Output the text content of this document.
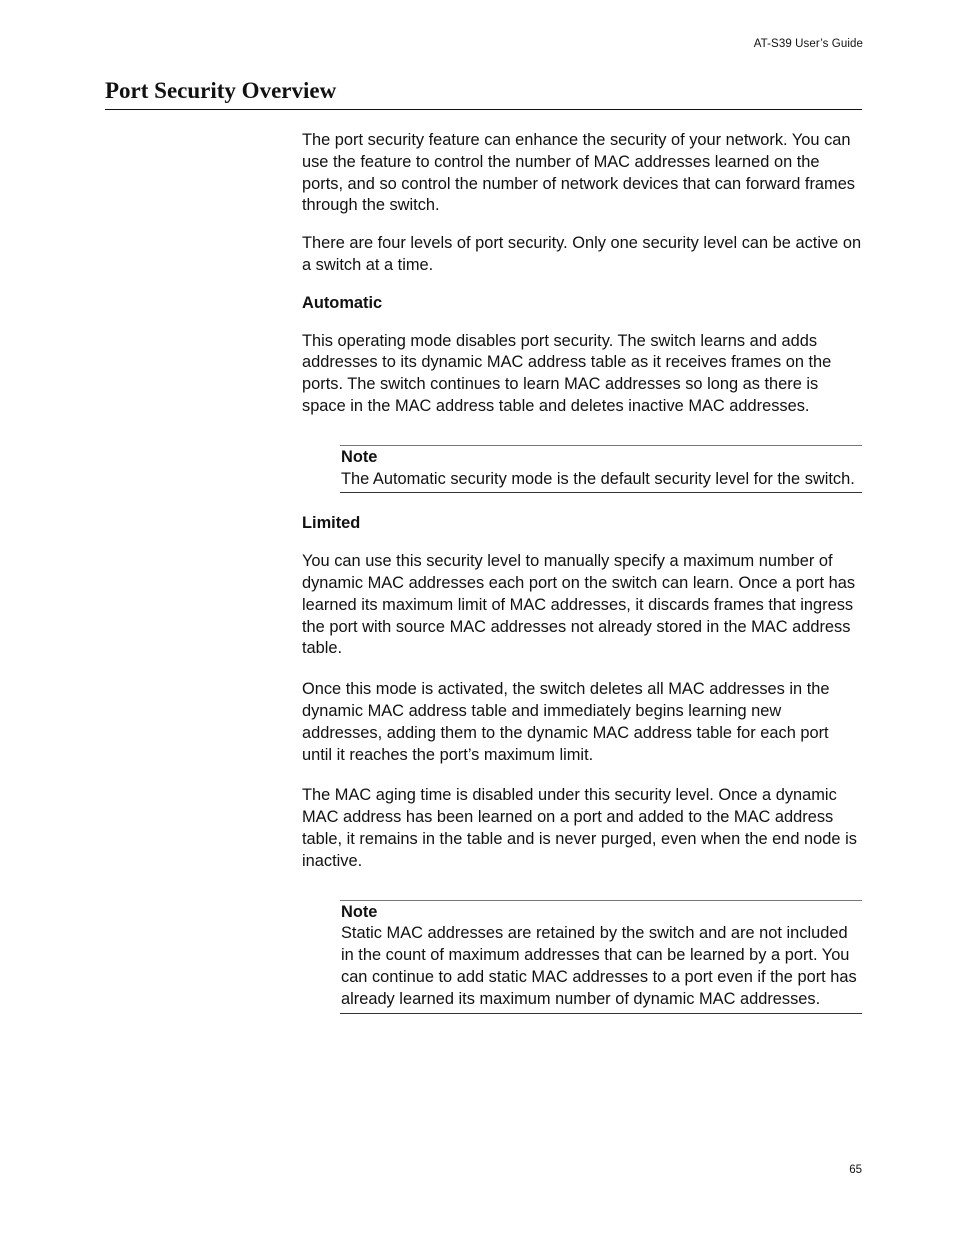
AT-S39 User’s Guide
Port Security Overview

The port security feature can enhance the security of your network. You can use the feature to control the number of MAC addresses learned on the ports, and so control the number of network devices that can forward frames through the switch.

There are four levels of port security. Only one security level can be active on a switch at a time.

Automatic

This operating mode disables port security. The switch learns and adds addresses to its dynamic MAC address table as it receives frames on the ports. The switch continues to learn MAC addresses so long as there is space in the MAC address table and deletes inactive MAC addresses.

Note
The Automatic security mode is the default security level for the switch.

Limited

You can use this security level to manually specify a maximum number of dynamic MAC addresses each port on the switch can learn. Once a port has learned its maximum limit of MAC addresses, it discards frames that ingress the port with source MAC addresses not already stored in the MAC address table.

Once this mode is activated, the switch deletes all MAC addresses in the dynamic MAC address table and immediately begins learning new addresses, adding them to the dynamic MAC address table for each port until it reaches the port’s maximum limit.

The MAC aging time is disabled under this security level. Once a dynamic MAC address has been learned on a port and added to the MAC address table, it remains in the table and is never purged, even when the end node is inactive.

Note
Static MAC addresses are retained by the switch and are not included in the count of maximum addresses that can be learned by a port. You can continue to add static MAC addresses to a port even if the port has already learned its maximum number of dynamic MAC addresses.
65
